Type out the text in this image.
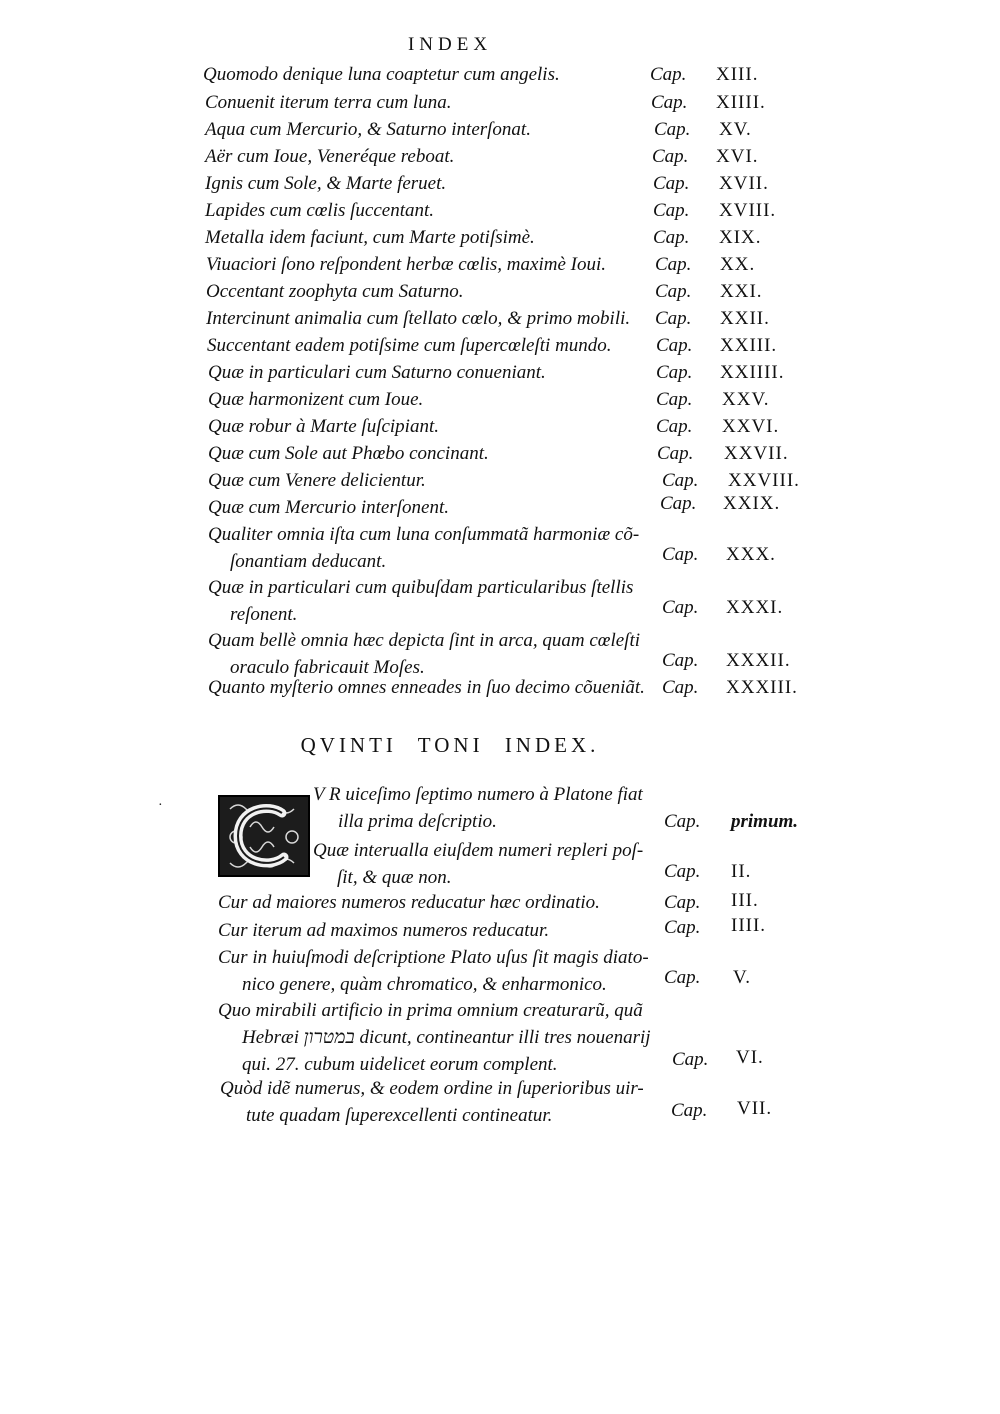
INDEX
Quomodo denique luna coaptetur cum angelis.	Cap. XIII.
Conuenit iterum terra cum luna.	Cap. XIIII.
Aqua cum Mercurio, & Saturno interſonat.	Cap. XV.
Aër cum Ioue, Veneréque reboat.	Cap. XVI.
Ignis cum Sole, & Marte feruet.	Cap. XVII.
Lapides cum cœlis ſuccentant.	Cap. XVIII.
Metalla idem faciunt, cum Marte potiſsimè.	Cap. XIX.
Viuaciori ſono reſpondent herbæ cœlis, maximè Ioui.	Cap. XX.
Occentant zoophyta cum Saturno.	Cap. XXI.
Intercinunt animalia cum ſtellato cœlo, & primo mobili. Cap. XXII.
Succentant eadem potiſsime cum ſupercœleſti mundo. Cap. XXIII.
Quæ in particulari cum Saturno conueniant.	Cap. XXIIII.
Quæ harmonizent cum Ioue.	Cap. XXV.
Quæ robur à Marte ſuſcipiant.	Cap. XXVI.
Quæ cum Sole aut Phœbo concinant.	Cap. XXVII.
Quæ cum Venere delicientur.	Cap. XXVIII.
Quæ cum Mercurio interſonent.	Cap. XXIX.
Qualiter omnia iſta cum luna conſummatã harmoniæ cõ-
ſonantiam deducant.	Cap. XXX.
Quæ in particulari cum quibuſdam particularibus ſtellis
reſonent.	Cap. XXXI.
Quam bellè omnia hæc depicta ſint in arca, quam cœleſti
oraculo fabricauit Moſes.	Cap. XXXII.
Quanto myſterio omnes enneades in ſuo decimo cõueniãt. Cap. XXXIII.
QVINTI TONI INDEX.
·
V R uiceſimo ſeptimo numero à Platone fiat
illa prima deſcriptio.	Cap. primum.
Quæ interualla eiuſdem numeri repleri poſ-
ſit, & quæ non.	Cap. II.
Cur ad maiores numeros reducatur hæc ordinatio.	Cap. III.
Cur iterum ad maximos numeros reducatur.	Cap. IIII.
Cur in huiuſmodi deſcriptione Plato uſus ſit magis diato-
nico genere, quàm chromatico, & enharmonico.	Cap. V.
Quo mirabili artificio in prima omnium creaturarũ, quã
Hebræi במטרון dicunt, contineantur illi tres nouenarij
qui. 27. cubum uidelicet eorum complent.	Cap. VI.
Quòd idẽ numerus, & eodem ordine in ſuperioribus uir-
tute quadam ſuperexcellenti contineatur.	Cap. VII.
